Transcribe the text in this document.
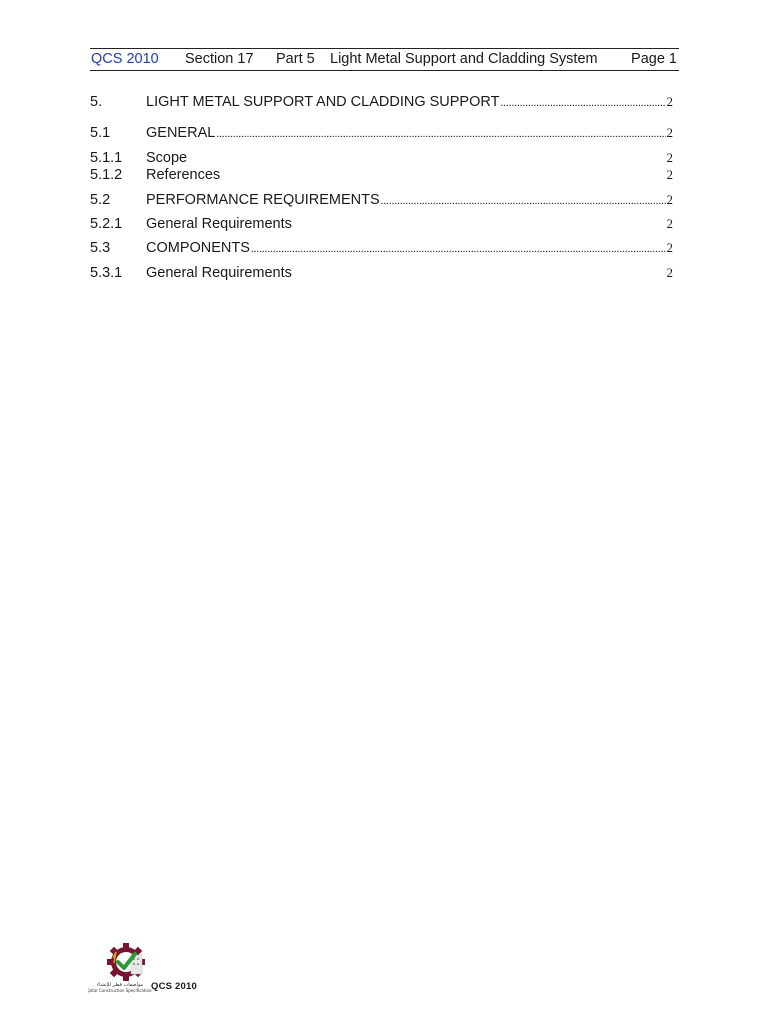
QCS 2010 Section 17 Part 5 Light Metal Support and Cladding System Page 1
5.	LIGHT METAL SUPPORT AND CLADDING SUPPORT .....	2
5.1	GENERAL .....	2
5.1.1	Scope	2
5.1.2	References	2
5.2	PERFORMANCE REQUIREMENTS .....	2
5.2.1	General Requirements	2
5.3	COMPONENTS .....	2
5.3.1	General Requirements	2
مواصفات قطر للإنشاء
Qatar Construction Specifications
QCS 2010
